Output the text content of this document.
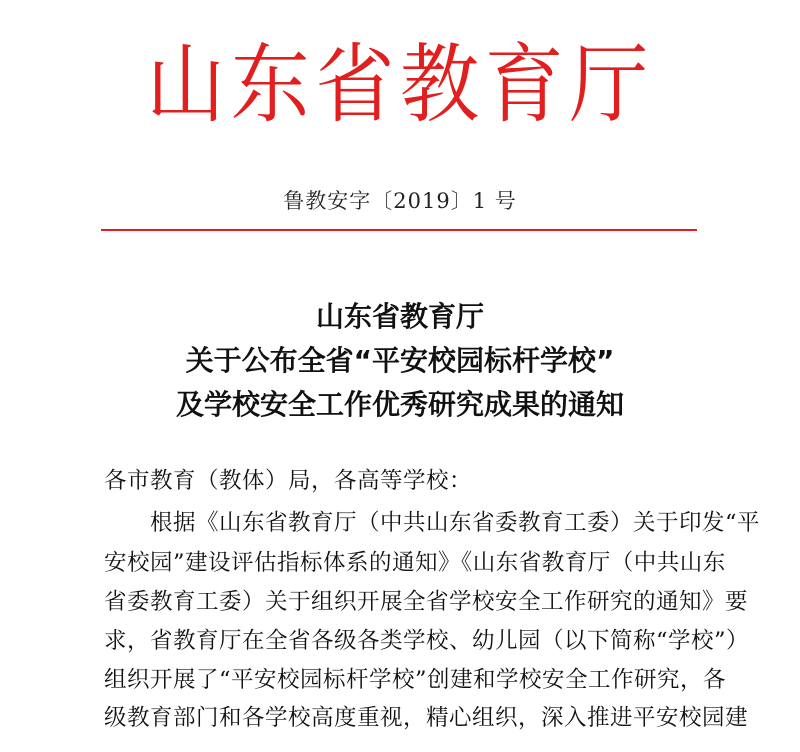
山东省教育厅
鲁教安字〔2019〕1 号
山东省教育厅
关于公布全省“平安校园标杆学校”
及学校安全工作优秀研究成果的通知
各市教育（教体）局，各高等学校：
　　根据《山东省教育厅（中共山东省委教育工委）关于印发“平
安校园”建设评估指标体系的通知》《山东省教育厅（中共山东
省委教育工委）关于组织开展全省学校安全工作研究的通知》要
求，省教育厅在全省各级各类学校、幼儿园（以下简称“学校”）
组织开展了“平安校园标杆学校”创建和学校安全工作研究，各
级教育部门和各学校高度重视，精心组织，深入推进平安校园建
